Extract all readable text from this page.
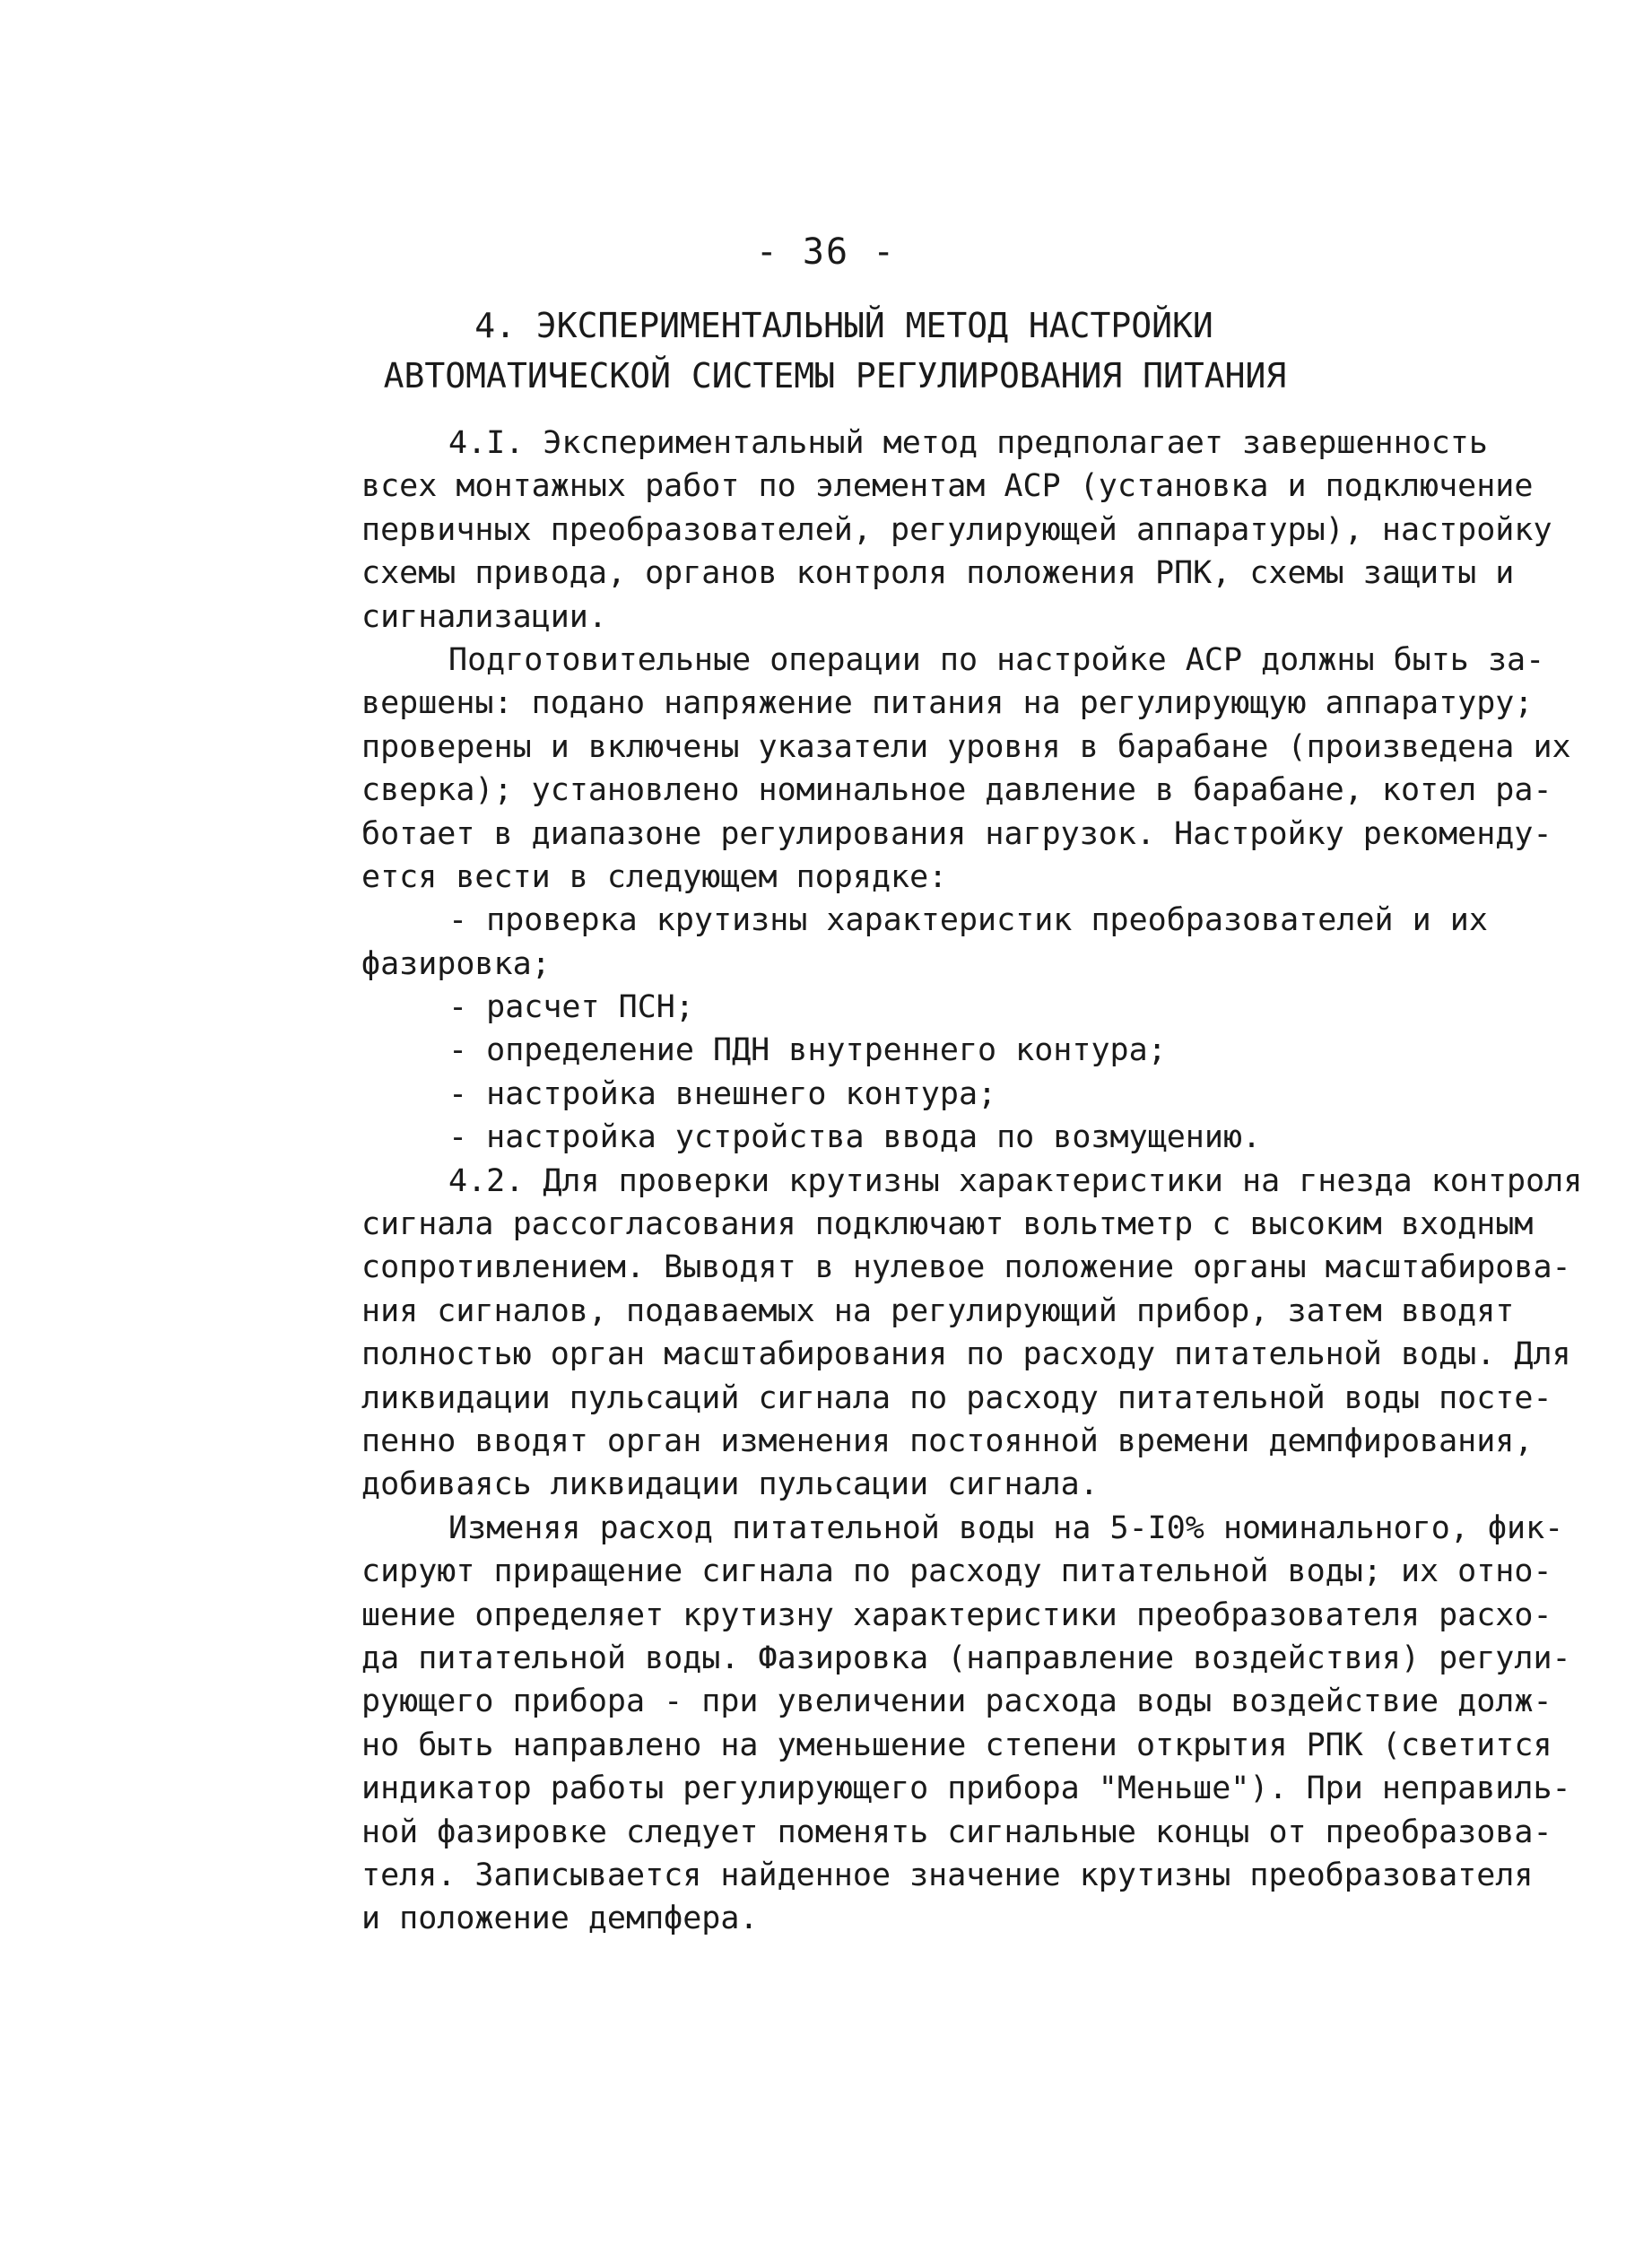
- 36 -
4. ЭКСПЕРИМЕНТАЛЬНЫЙ МЕТОД НАСТРОЙКИ
АВТОМАТИЧЕСКОЙ СИСТЕМЫ РЕГУЛИРОВАНИЯ ПИТАНИЯ
4.I. Экспериментальный метод предполагает завершенность
всех монтажных работ по элементам АСР (установка и подключение
первичных преобразователей, регулирующей аппаратуры), настройку
схемы привода, органов контроля положения РПК, схемы защиты и
сигнализации.
Подготовительные операции по настройке АСР должны быть за-
вершены: подано напряжение питания на регулирующую аппаратуру;
проверены и включены указатели уровня в барабане (произведена их
сверка); установлено номинальное давление в барабане, котел ра-
ботает в диапазоне регулирования нагрузок. Настройку рекоменду-
ется вести в следующем порядке:
- проверка крутизны характеристик преобразователей и их
фазировка;
- расчет ПСН;
- определение ПДН внутреннего контура;
- настройка внешнего контура;
- настройка устройства ввода по возмущению.
4.2. Для проверки крутизны характеристики на гнезда контроля
сигнала рассогласования подключают вольтметр с высоким входным
сопротивлением. Выводят в нулевое положение органы масштабирова-
ния сигналов, подаваемых на регулирующий прибор, затем вводят
полностью орган масштабирования по расходу питательной воды. Для
ликвидации пульсаций сигнала по расходу питательной воды посте-
пенно вводят орган изменения постоянной времени демпфирования,
добиваясь ликвидации пульсации сигнала.
Изменяя расход питательной воды на 5-I0% номинального, фик-
сируют приращение сигнала по расходу питательной воды; их отно-
шение определяет крутизну характеристики преобразователя расхо-
да питательной воды. Фазировка (направление воздействия) регули-
рующего прибора - при увеличении расхода воды воздействие долж-
но быть направлено на уменьшение степени открытия РПК (светится
индикатор работы регулирующего прибора "Меньше"). При неправиль-
ной фазировке следует поменять сигнальные концы от преобразова-
теля. Записывается найденное значение крутизны преобразователя
и положение демпфера.
